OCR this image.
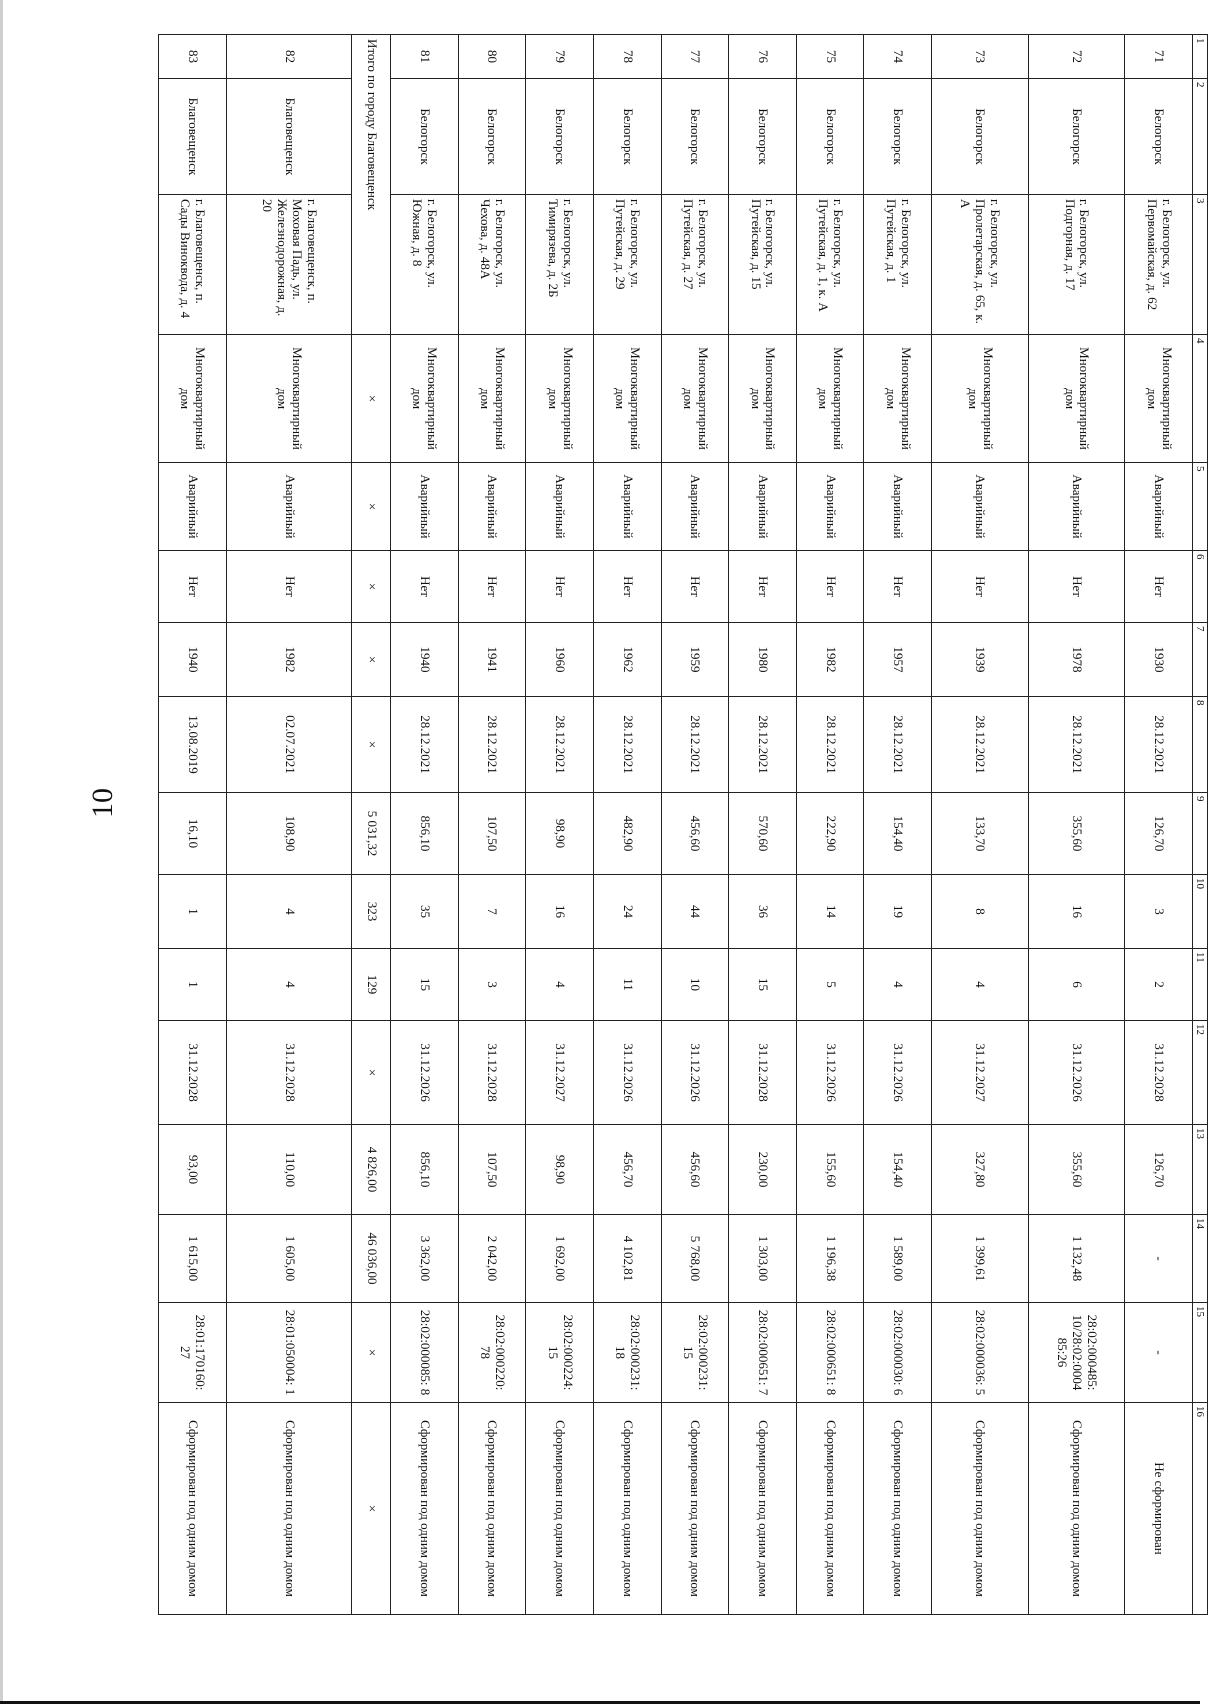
10
1	2	3	4	5	6	7	8	9	10	11	12	13	14	15	16
71	Белогорск	г. Белогорск, ул. Первомайская, д. 62	Многоквартирный дом	Аварийный	Нет	1930	28.12.2021	126,70	3	2	31.12.2028	126,70	-	-	Не сформирован
72	Белогорск	г. Белогорск, ул. Подгорная, д. 17	Многоквартирный дом	Аварийный	Нет	1978	28.12.2021	355,60	16	6	31.12.2026	355,60	1 132,48	28:02:000485: 10/28:02:0004 85:26	Сформирован под одним домом
73	Белогорск	г. Белогорск, ул. Пролетарская, д. 65, к. А	Многоквартирный дом	Аварийный	Нет	1939	28.12.2021	133,70	8	4	31.12.2027	327,80	1 399,61	28:02:000036: 5	Сформирован под одним домом
74	Белогорск	г. Белогорск, ул. Путейская, д. 1	Многоквартирный дом	Аварийный	Нет	1957	28.12.2021	154,40	19	4	31.12.2026	154,40	1 589,00	28:02:000030: 6	Сформирован под одним домом
75	Белогорск	г. Белогорск, ул. Путейская, д. 1, к. А	Многоквартирный дом	Аварийный	Нет	1982	28.12.2021	222,90	14	5	31.12.2026	155,60	1 196,38	28:02:000651: 8	Сформирован под одним домом
76	Белогорск	г. Белогорск, ул. Путейская, д. 15	Многоквартирный дом	Аварийный	Нет	1980	28.12.2021	570,60	36	15	31.12.2028	230,00	1 303,00	28:02:000651: 7	Сформирован под одним домом
77	Белогорск	г. Белогорск, ул. Путейская, д. 27	Многоквартирный дом	Аварийный	Нет	1959	28.12.2021	456,60	44	10	31.12.2026	456,60	5 768,00	28:02:000231: 15	Сформирован под одним домом
78	Белогорск	г. Белогорск, ул. Путейская, д. 29	Многоквартирный дом	Аварийный	Нет	1962	28.12.2021	482,90	24	11	31.12.2026	456,70	4 102,81	28:02:000231: 18	Сформирован под одним домом
79	Белогорск	г. Белогорск, ул. Тимирязева, д. 2Б	Многоквартирный дом	Аварийный	Нет	1960	28.12.2021	98,90	16	4	31.12.2027	98,90	1 692,00	28:02:000224: 15	Сформирован под одним домом
80	Белогорск	г. Белогорск, ул. Чехова, д. 48А	Многоквартирный дом	Аварийный	Нет	1941	28.12.2021	107,50	7	3	31.12.2028	107,50	2 042,00	28:02:000220: 78	Сформирован под одним домом
81	Белогорск	г. Белогорск, ул. Южная, д. 8	Многоквартирный дом	Аварийный	Нет	1940	28.12.2021	856,10	35	15	31.12.2026	856,10	3 362,00	28:02:000085: 8	Сформирован под одним домом
Итого по городу Благовещенск			×	×	×	×	×	5 031,32	323	129	×	4 826,00	46 036,00	×	×
82	Благовещенск	г. Благовещенск, п. Моховая Падь, ул. Железнодорожная, д. 20	Многоквартирный дом	Аварийный	Нет	1982	02.07.2021	108,90	4	4	31.12.2028	110,00	1 605,00	28:01:050004: 1	Сформирован под одним домом
83	Благовещенск	г. Благовещенск, п. Сады Виноквода, д. 4	Многоквартирный дом	Аварийный	Нет	1940	13.08.2019	16,10	1	1	31.12.2028	93,00	1 615,00	28:01:170160: 27	Сформирован под одним домом
